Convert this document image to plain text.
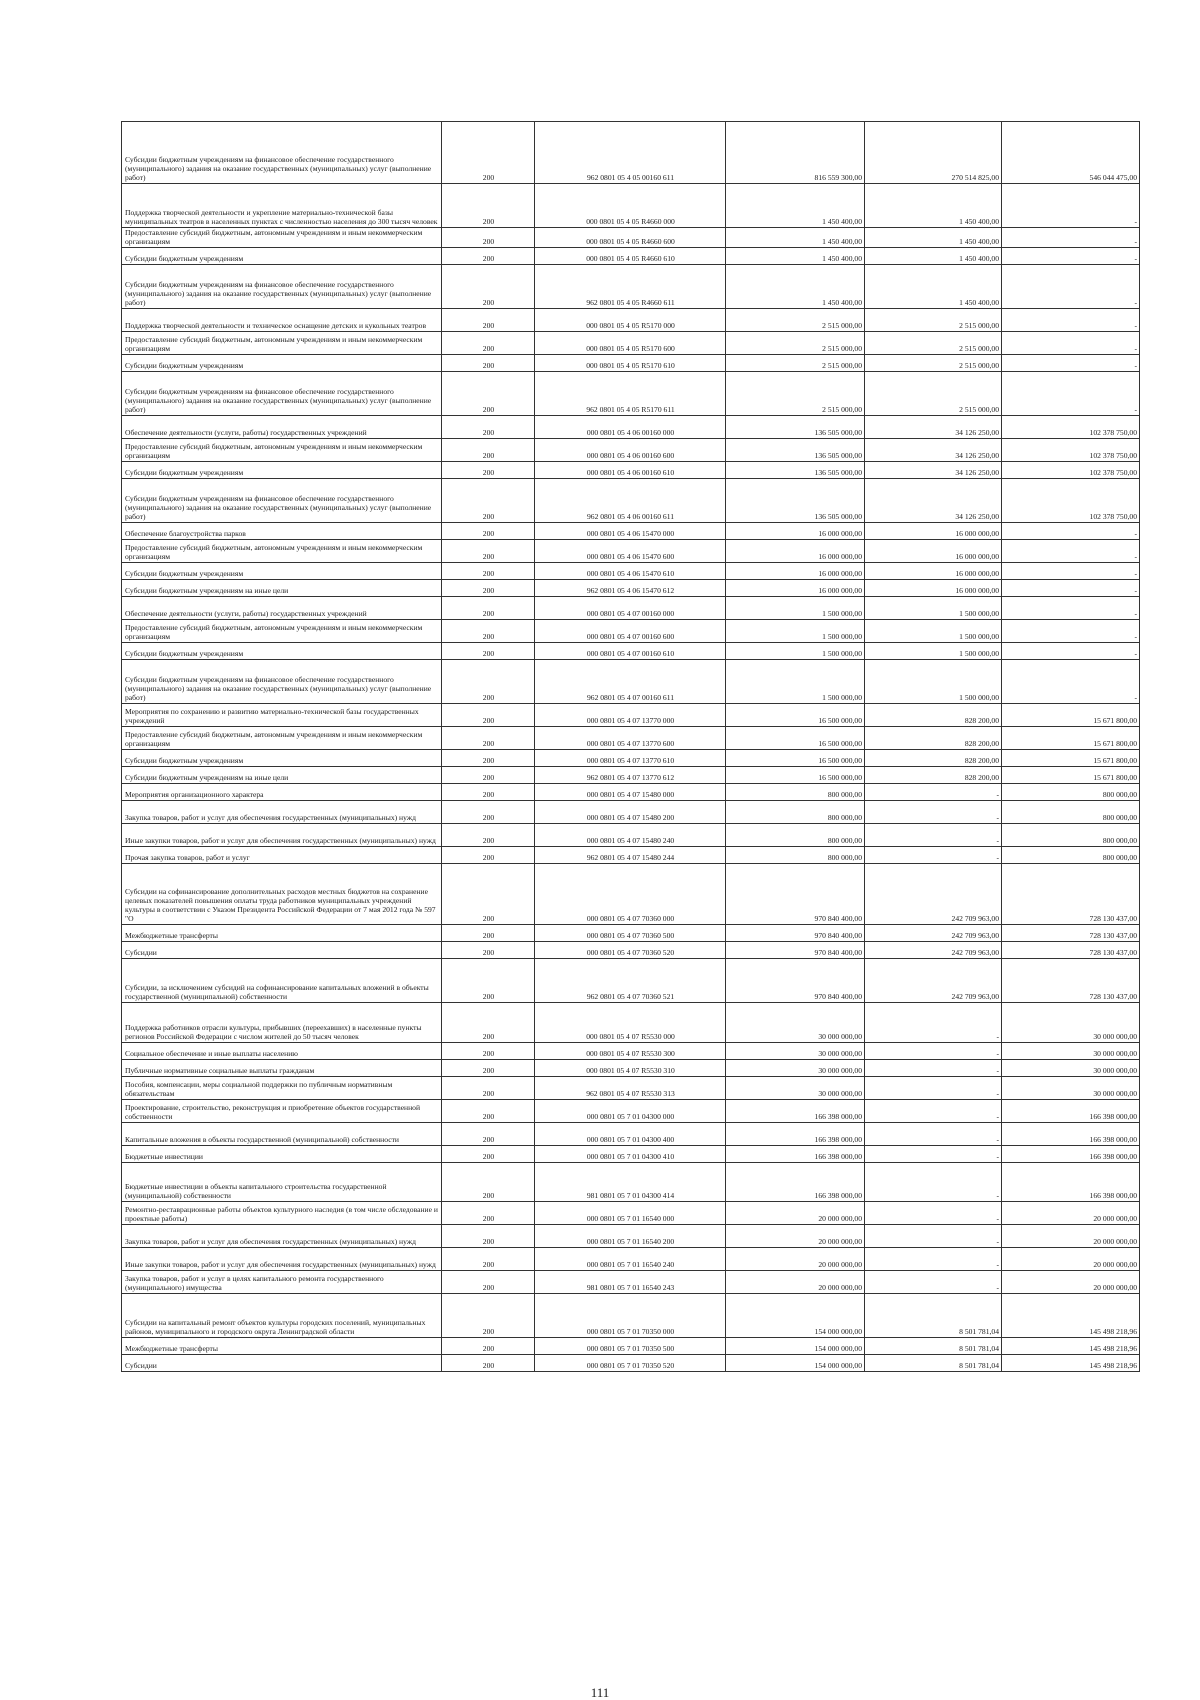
Субсидии бюджетным учреждениям на финансовое обеспечение государственного (муниципального) задания на оказание государственных (муниципальных) услуг (выполнение работ)	200	962 0801 05 4 05 00160 611	816 559 300,00	270 514 825,00	546 044 475,00
Поддержка творческой деятельности и укрепление материально-технической базы муниципальных театров в населенных пунктах с численностью населения до 300 тысяч человек	200	000 0801 05 4 05 R4660 000	1 450 400,00	1 450 400,00	-
Предоставление субсидий бюджетным, автономным учреждениям и иным некоммерческим организациям	200	000 0801 05 4 05 R4660 600	1 450 400,00	1 450 400,00	-
Субсидии бюджетным учреждениям	200	000 0801 05 4 05 R4660 610	1 450 400,00	1 450 400,00	-
Субсидии бюджетным учреждениям на финансовое обеспечение государственного (муниципального) задания на оказание государственных (муниципальных) услуг (выполнение работ)	200	962 0801 05 4 05 R4660 611	1 450 400,00	1 450 400,00	-
Поддержка творческой деятельности и техническое оснащение детских и кукольных театров	200	000 0801 05 4 05 R5170 000	2 515 000,00	2 515 000,00	-
Предоставление субсидий бюджетным, автономным учреждениям и иным некоммерческим организациям	200	000 0801 05 4 05 R5170 600	2 515 000,00	2 515 000,00	-
Субсидии бюджетным учреждениям	200	000 0801 05 4 05 R5170 610	2 515 000,00	2 515 000,00	-
Субсидии бюджетным учреждениям на финансовое обеспечение государственного (муниципального) задания на оказание государственных (муниципальных) услуг (выполнение работ)	200	962 0801 05 4 05 R5170 611	2 515 000,00	2 515 000,00	-
Обеспечение деятельности (услуги, работы) государственных учреждений	200	000 0801 05 4 06 00160 000	136 505 000,00	34 126 250,00	102 378 750,00
Предоставление субсидий бюджетным, автономным учреждениям и иным некоммерческим организациям	200	000 0801 05 4 06 00160 600	136 505 000,00	34 126 250,00	102 378 750,00
Субсидии бюджетным учреждениям	200	000 0801 05 4 06 00160 610	136 505 000,00	34 126 250,00	102 378 750,00
Субсидии бюджетным учреждениям на финансовое обеспечение государственного (муниципального) задания на оказание государственных (муниципальных) услуг (выполнение работ)	200	962 0801 05 4 06 00160 611	136 505 000,00	34 126 250,00	102 378 750,00
Обеспечение благоустройства парков	200	000 0801 05 4 06 15470 000	16 000 000,00	16 000 000,00	-
Предоставление субсидий бюджетным, автономным учреждениям и иным некоммерческим организациям	200	000 0801 05 4 06 15470 600	16 000 000,00	16 000 000,00	-
Субсидии бюджетным учреждениям	200	000 0801 05 4 06 15470 610	16 000 000,00	16 000 000,00	-
Субсидии бюджетным учреждениям на иные цели	200	962 0801 05 4 06 15470 612	16 000 000,00	16 000 000,00	-
Обеспечение деятельности (услуги, работы) государственных учреждений	200	000 0801 05 4 07 00160 000	1 500 000,00	1 500 000,00	-
Предоставление субсидий бюджетным, автономным учреждениям и иным некоммерческим организациям	200	000 0801 05 4 07 00160 600	1 500 000,00	1 500 000,00	-
Субсидии бюджетным учреждениям	200	000 0801 05 4 07 00160 610	1 500 000,00	1 500 000,00	-
Субсидии бюджетным учреждениям на финансовое обеспечение государственного (муниципального) задания на оказание государственных (муниципальных) услуг (выполнение работ)	200	962 0801 05 4 07 00160 611	1 500 000,00	1 500 000,00	-
Мероприятия по сохранению и развитию материально-технической базы государственных учреждений	200	000 0801 05 4 07 13770 000	16 500 000,00	828 200,00	15 671 800,00
Предоставление субсидий бюджетным, автономным учреждениям и иным некоммерческим организациям	200	000 0801 05 4 07 13770 600	16 500 000,00	828 200,00	15 671 800,00
Субсидии бюджетным учреждениям	200	000 0801 05 4 07 13770 610	16 500 000,00	828 200,00	15 671 800,00
Субсидии бюджетным учреждениям на иные цели	200	962 0801 05 4 07 13770 612	16 500 000,00	828 200,00	15 671 800,00
Мероприятия организационного характера	200	000 0801 05 4 07 15480 000	800 000,00	-	800 000,00
Закупка товаров, работ и услуг для обеспечения государственных (муниципальных) нужд	200	000 0801 05 4 07 15480 200	800 000,00	-	800 000,00
Иные закупки товаров, работ и услуг для обеспечения государственных (муниципальных) нужд	200	000 0801 05 4 07 15480 240	800 000,00	-	800 000,00
Прочая закупка товаров, работ и услуг	200	962 0801 05 4 07 15480 244	800 000,00	-	800 000,00
Субсидии на софинансирование дополнительных расходов местных бюджетов на сохранение целевых показателей повышения оплаты труда работников муниципальных учреждений культуры в соответствии с Указом Президента Российской Федерации от 7 мая 2012 года № 597 "О	200	000 0801 05 4 07 70360 000	970 840 400,00	242 709 963,00	728 130 437,00
Межбюджетные трансферты	200	000 0801 05 4 07 70360 500	970 840 400,00	242 709 963,00	728 130 437,00
Субсидии	200	000 0801 05 4 07 70360 520	970 840 400,00	242 709 963,00	728 130 437,00
Субсидии, за исключением субсидий на софинансирование капитальных вложений в объекты государственной (муниципальной) собственности	200	962 0801 05 4 07 70360 521	970 840 400,00	242 709 963,00	728 130 437,00
Поддержка работников отрасли культуры, прибывших (переехавших) в населенные пункты регионов Российской Федерации с числом жителей до 50 тысяч человек	200	000 0801 05 4 07 R5530 000	30 000 000,00	-	30 000 000,00
Социальное обеспечение и иные выплаты населению	200	000 0801 05 4 07 R5530 300	30 000 000,00	-	30 000 000,00
Публичные нормативные социальные выплаты гражданам	200	000 0801 05 4 07 R5530 310	30 000 000,00	-	30 000 000,00
Пособия, компенсации, меры социальной поддержки по публичным нормативным обязательствам	200	962 0801 05 4 07 R5530 313	30 000 000,00	-	30 000 000,00
Проектирование, строительство, реконструкция и приобретение объектов государственной собственности	200	000 0801 05 7 01 04300 000	166 398 000,00	-	166 398 000,00
Капитальные вложения в объекты государственной (муниципальной) собственности	200	000 0801 05 7 01 04300 400	166 398 000,00	-	166 398 000,00
Бюджетные инвестиции	200	000 0801 05 7 01 04300 410	166 398 000,00	-	166 398 000,00
Бюджетные инвестиции в объекты капитального строительства государственной (муниципальной) собственности	200	981 0801 05 7 01 04300 414	166 398 000,00	-	166 398 000,00
Ремонтно-реставрационные работы объектов культурного наследия (в том числе обследование и проектные работы)	200	000 0801 05 7 01 16540 000	20 000 000,00	-	20 000 000,00
Закупка товаров, работ и услуг для обеспечения государственных (муниципальных) нужд	200	000 0801 05 7 01 16540 200	20 000 000,00	-	20 000 000,00
Иные закупки товаров, работ и услуг для обеспечения государственных (муниципальных) нужд	200	000 0801 05 7 01 16540 240	20 000 000,00	-	20 000 000,00
Закупка товаров, работ и услуг в целях капитального ремонта государственного (муниципального) имущества	200	981 0801 05 7 01 16540 243	20 000 000,00	-	20 000 000,00
Субсидии на капитальный ремонт объектов культуры городских поселений, муниципальных районов, муниципального и городского округа Ленинградской области	200	000 0801 05 7 01 70350 000	154 000 000,00	8 501 781,04	145 498 218,96
Межбюджетные трансферты	200	000 0801 05 7 01 70350 500	154 000 000,00	8 501 781,04	145 498 218,96
Субсидии	200	000 0801 05 7 01 70350 520	154 000 000,00	8 501 781,04	145 498 218,96
111
